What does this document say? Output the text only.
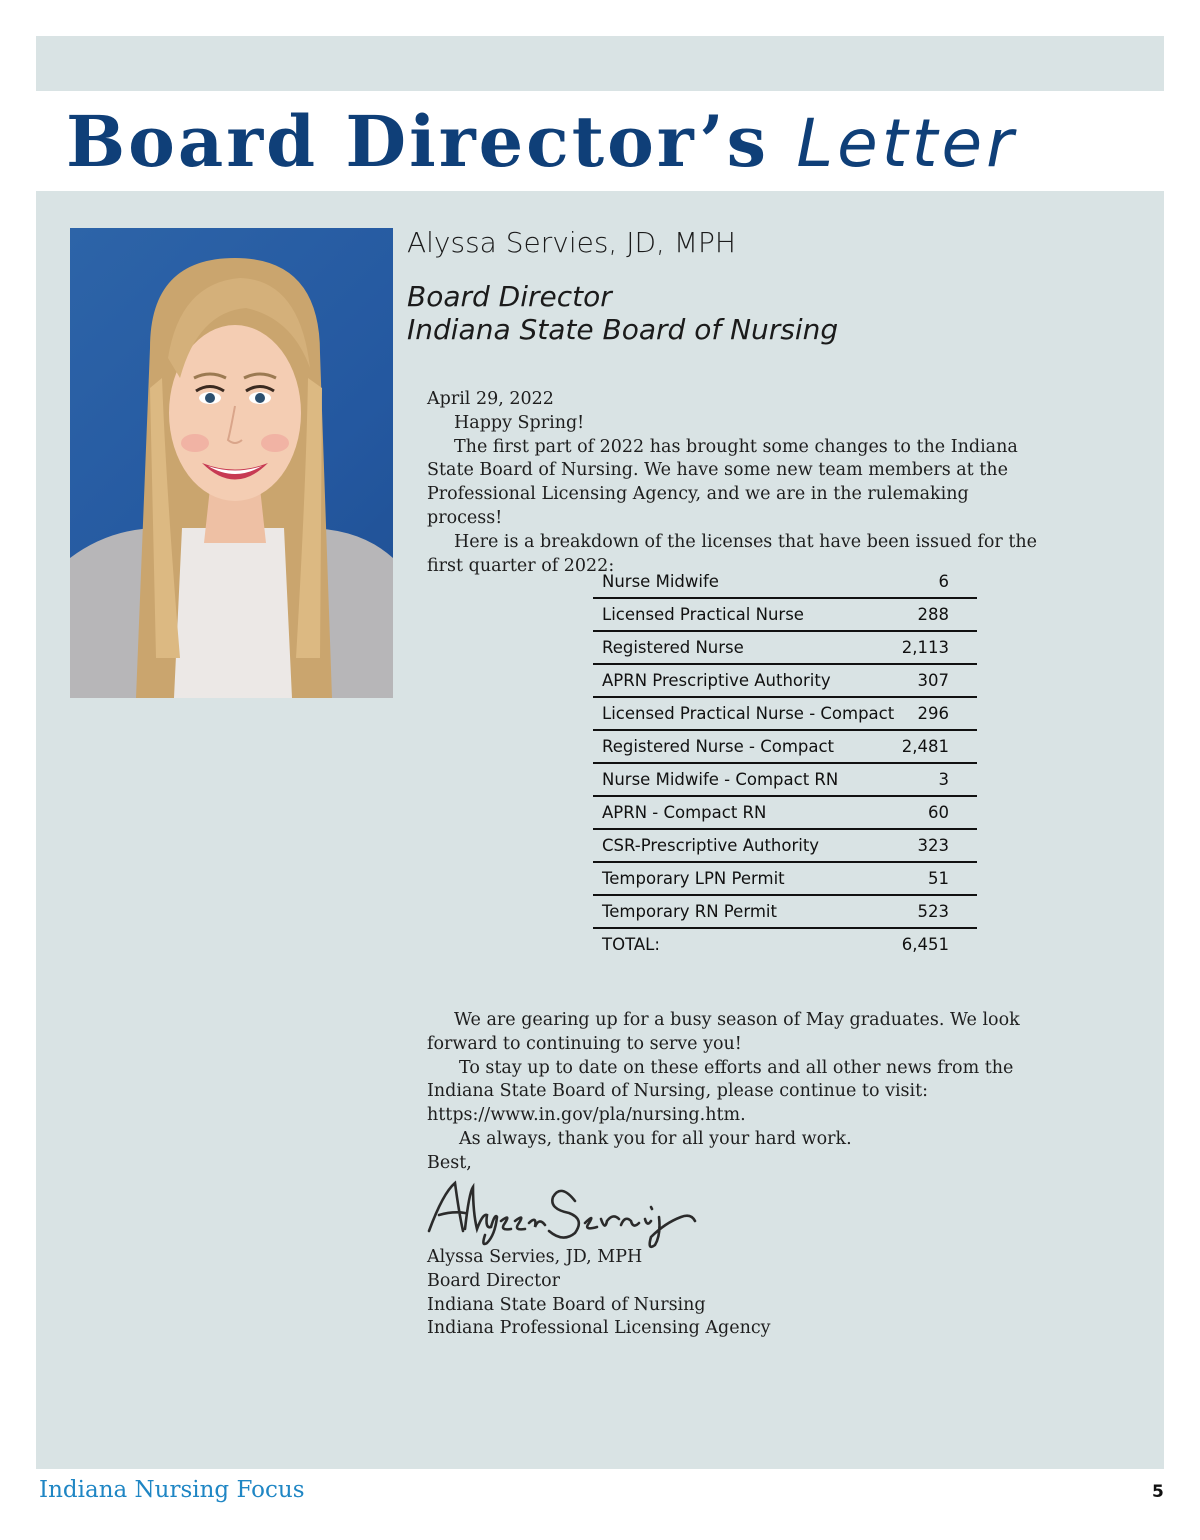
Board Director’s Letter
Alyssa Servies, JD, MPH
Board Director
Indiana State Board of Nursing

April 29, 2022

Happy Spring!

The first part of 2022 has brought some changes to the Indiana State Board of Nursing. We have some new team members at the Professional Licensing Agency, and we are in the rulemaking process!

Here is a breakdown of the licenses that have been issued for the first quarter of 2022:

Nurse Midwife	6
Licensed Practical Nurse	288
Registered Nurse	2,113
APRN Prescriptive Authority	307
Licensed Practical Nurse - Compact 296
Registered Nurse - Compact	2,481
Nurse Midwife - Compact RN	3
APRN - Compact RN	60
CSR-Prescriptive Authority	323
Temporary LPN Permit	51
Temporary RN Permit	523
TOTAL:	6,451

We are gearing up for a busy season of May graduates. We look forward to continuing to serve you!

To stay up to date on these efforts and all other news from the Indiana State Board of Nursing, please continue to visit: https://www.in.gov/pla/nursing.htm.

As always, thank you for all your hard work.

Best,

Alyssa Servies, JD, MPH

Board Director

Indiana State Board of Nursing

Indiana Professional Licensing Agency

Indiana Nursing Focus	5
